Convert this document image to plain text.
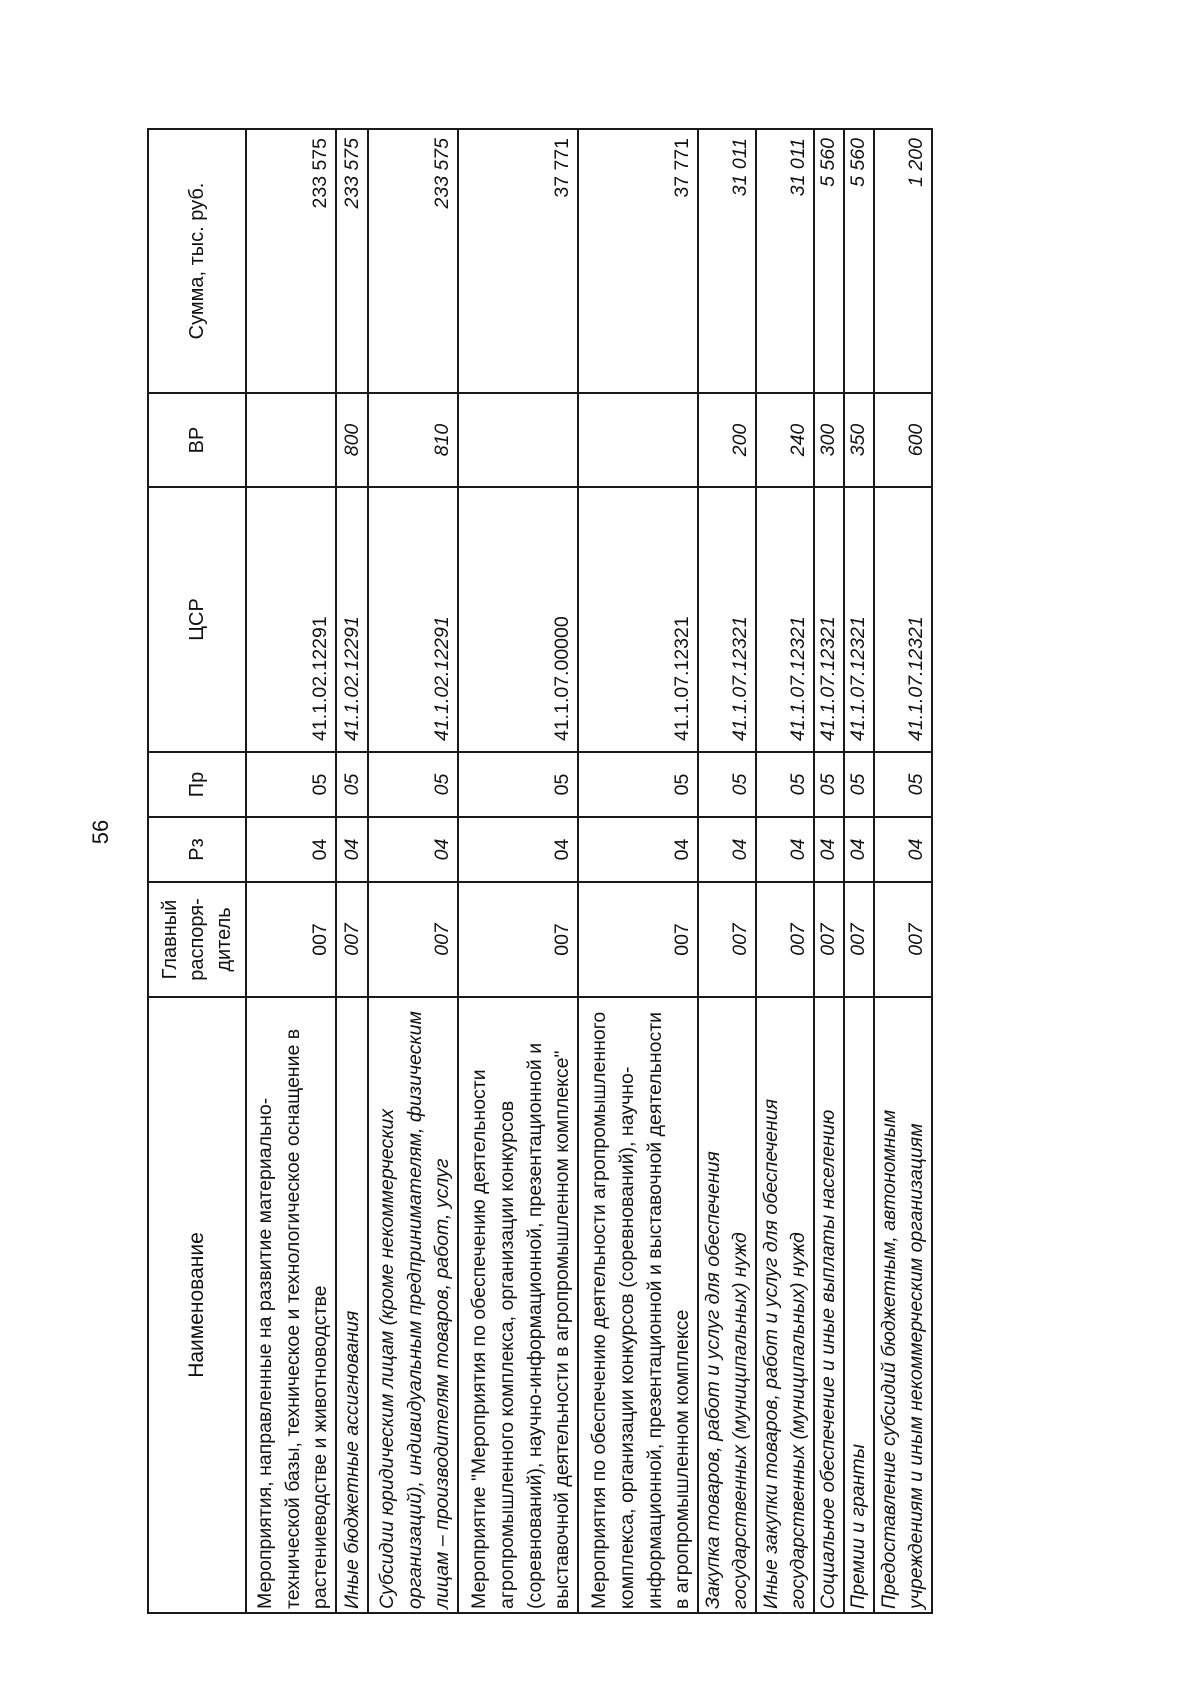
56
Наименование	Главный распоря- дитель	Рз	Пр	ЦСР	ВР	Сумма, тыс. руб.
Мероприятия, направленные на развитие материально-технической базы, техническое и технологическое оснащение в растениеводстве и животноводстве	007	04	05	41.1.02.12291		233 575
Иные бюджетные ассигнования	007	04	05	41.1.02.12291	800	233 575
Субсидии юридическим лицам (кроме некоммерческих организаций), индивидуальным предпринимателям, физическим лицам – производителям товаров, работ, услуг	007	04	05	41.1.02.12291	810	233 575
Мероприятие "Мероприятия по обеспечению деятельности агропромышленного комплекса, организации конкурсов (соревнований), научно-информационной, презентационной и выставочной деятельности в агропромышленном комплексе"	007	04	05	41.1.07.00000		37 771
Мероприятия по обеспечению деятельности агропромышленного комплекса, организации конкурсов (соревнований), научно-информационной, презентационной и выставочной деятельности в агропромышленном комплексе	007	04	05	41.1.07.12321		37 771
Закупка товаров, работ и услуг для обеспечения государственных (муниципальных) нужд	007	04	05	41.1.07.12321	200	31 011
Иные закупки товаров, работ и услуг для обеспечения государственных (муниципальных) нужд	007	04	05	41.1.07.12321	240	31 011
Социальное обеспечение и иные выплаты населению	007	04	05	41.1.07.12321	300	5 560
Премии и гранты	007	04	05	41.1.07.12321	350	5 560
Предоставление субсидий бюджетным, автономным учреждениям и иным некоммерческим организациям	007	04	05	41.1.07.12321	600	1 200
